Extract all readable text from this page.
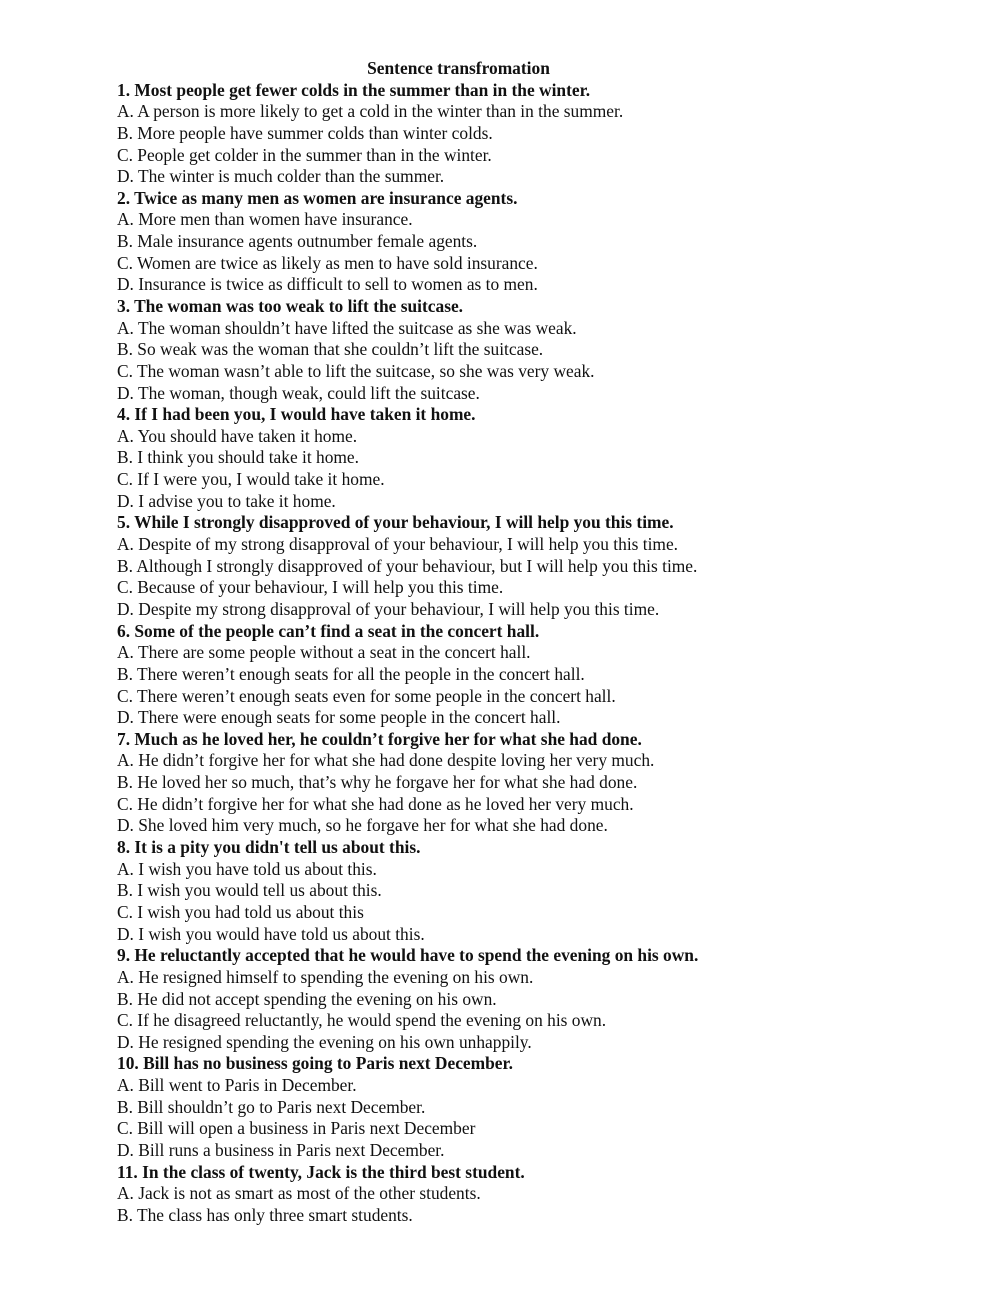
Sentence transfromation
1. Most people get fewer colds in the summer than in the winter.
A. A person is more likely to get a cold in the winter than in the summer.
B. More people have summer colds than winter colds.
C. People get colder in the summer than in the winter.
D. The winter is much colder than the summer.
2. Twice as many men as women are insurance agents.
A. More men than women have insurance.
B. Male insurance agents outnumber female agents.
C. Women are twice as likely as men to have sold insurance.
D. Insurance is twice as difficult to sell to women as to men.
3. The woman was too weak to lift the suitcase.
A. The woman shouldn’t have lifted the suitcase as she was weak.
B. So weak was the woman that she couldn’t lift the suitcase.
C. The woman wasn’t able to lift the suitcase, so she was very weak.
D. The woman, though weak, could lift the suitcase.
4. If I had been you, I would have taken it home.
A. You should have taken it home.
B. I think you should take it home.
C. If I were you, I would take it home.
D. I advise you to take it home.
5. While I strongly disapproved of your behaviour, I will help you this time.
A. Despite of my strong disapproval of your behaviour, I will help you this time.
B. Although I strongly disapproved of your behaviour, but I will help you this time.
C. Because of your behaviour, I will help you this time.
D. Despite my strong disapproval of your behaviour, I will help you this time.
6. Some of the people can’t find a seat in the concert hall.
A. There are some people without a seat in the concert hall.
B. There weren’t enough seats for all the people in the concert hall.
C. There weren’t enough seats even for some people in the concert hall.
D. There were enough seats for some people in the concert hall.
7. Much as he loved her, he couldn’t forgive her for what she had done.
A. He didn’t forgive her for what she had done despite loving her very much.
B. He loved her so much, that’s why he forgave her for what she had done.
C. He didn’t forgive her for what she had done as he loved her very much.
D. She loved him very much, so he forgave her for what she had done.
8. It is a pity you didn't tell us about this.
A. I wish you have told us about this.
B. I wish you would tell us about this.
C. I wish you had told us about this
D. I wish you would have told us about this.
9. He reluctantly accepted that he would have to spend the evening on his own.
A. He resigned himself to spending the evening on his own.
B. He did not accept spending the evening on his own.
C. If he disagreed reluctantly, he would spend the evening on his own.
D. He resigned spending the evening on his own unhappily.
10. Bill has no business going to Paris next December.
A. Bill went to Paris in December.
B. Bill shouldn’t go to Paris next December.
C. Bill will open a business in Paris next December
D. Bill runs a business in Paris next December.
11. In the class of twenty, Jack is the third best student.
A. Jack is not as smart as most of the other students.
B. The class has only three smart students.
